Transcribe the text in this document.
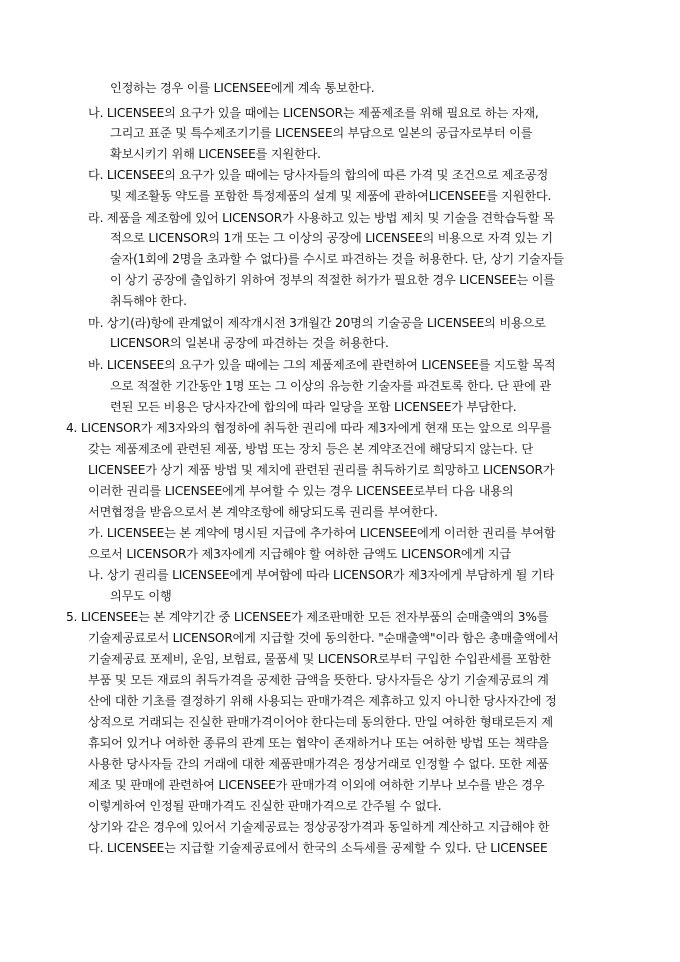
인정하는 경우 이를 LICENSEE에게 계속 통보한다.
나. LICENSEE의 요구가 있을 때에는 LICENSOR는 제품제조를 위해 필요로 하는 자재,
그리고 표준 및 특수제조기기를 LICENSEE의 부담으로 일본의 공급자로부터 이를
확보시키기 위해 LICENSEE를 지원한다.
다. LICENSEE의 요구가 있을 때에는 당사자들의 합의에 따른 가격 및 조건으로 제조공정
및 제조활동 약도를 포함한 특정제품의 설계 및 제품에 관하여LICENSEE를 지원한다.
라. 제품을 제조함에 있어 LICENSOR가 사용하고 있는 방법 제치 및 기술을 견학습득할 목
적으로 LICENSOR의 1개 또는 그 이상의 공장에 LICENSEE의 비용으로 자격 있는 기
술자(1회에 2명을 초과할 수 없다)를 수시로 파견하는 것을 허용한다. 단, 상기 기술자들
이 상기 공장에 출입하기 위하여 정부의 적절한 허가가 필요한 경우 LICENSEE는 이를
취득해야 한다.
마. 상기(라)항에 관계없이 제작개시전 3개월간 20명의 기술공을 LICENSEE의 비용으로
LICENSOR의 일본내 공장에 파견하는 것을 허용한다.
바. LICENSEE의 요구가 있을 때에는 그의 제품제조에 관련하여 LICENSEE를 지도할 목적
으로 적절한 기간동안 1명 또는 그 이상의 유능한 기술자를 파견토록 한다. 단 판에 관
련된 모든 비용은 당사자간에 합의에 따라 일당을 포함 LICENSEE가 부담한다.
4. LICENSOR가 제3자와의 협정하에 취득한 권리에 따라 제3자에게 현재 또는 앞으로 의무를
갖는 제품제조에 관련된 제품, 방법 또는 장치 등은 본 계약조건에 해당되지 않는다. 단
LICENSEE가 상기 제품 방법 및 제치에 관련된 권리를 취득하기로 희망하고 LICENSOR가
이러한 권리를 LICENSEE에게 부여할 수 있는 경우 LICENSEE로부터 다음 내용의
서면협정을 받음으로서 본 계약조항에 해당되도록 권리를 부여한다.
가. LICENSEE는 본 계약에 명시된 지급에 추가하여 LICENSEE에게 이러한 권리를 부여함
으로서 LICENSOR가 제3자에게 지급해야 할 여하한 금액도 LICENSOR에게 지급
나. 상기 권리를 LICENSEE에게 부여함에 따라 LICENSOR가 제3자에게 부담하게 될 기타
의무도 이행
5. LICENSEE는 본 계약기간 중 LICENSEE가 제조판매한 모든 전자부품의 순매출액의 3%를
기술제공료로서 LICENSOR에게 지급할 것에 동의한다. "순매출액"이라 함은 총매출액에서
기술제공료 포제비, 운임, 보험료, 물품세 및 LICENSOR로부터 구입한 수입관세를 포함한
부품 및 모든 재료의 취득가격을 공제한 금액을 뜻한다. 당사자들은 상기 기술제공료의 계
산에 대한 기초를 결정하기 위해 사용되는 판매가격은 제휴하고 있지 아니한 당사자간에 정
상적으로 거래되는 진실한 판매가격이어야 한다는데 동의한다. 만일 여하한 형태로든지 제
휴되어 있거나 여하한 종류의 관계 또는 협약이 존재하거나 또는 여하한 방법 또는 책략을
사용한 당사자들 간의 거래에 대한 제품판매가격은 정상거래로 인정할 수 없다. 또한 제품
제조 및 판매에 관련하여 LICENSEE가 판매가격 이외에 여하한 기부나 보수를 받은 경우
이렇게하여 인정될 판매가격도 진실한 판매가격으로 간주될 수 없다.
상기와 같은 경우에 있어서 기술제공료는 정상공장가격과 동일하게 계산하고 지급해야 한
다. LICENSEE는 지급할 기술제공료에서 한국의 소득세를 공제할 수 있다. 단 LICENSEE
